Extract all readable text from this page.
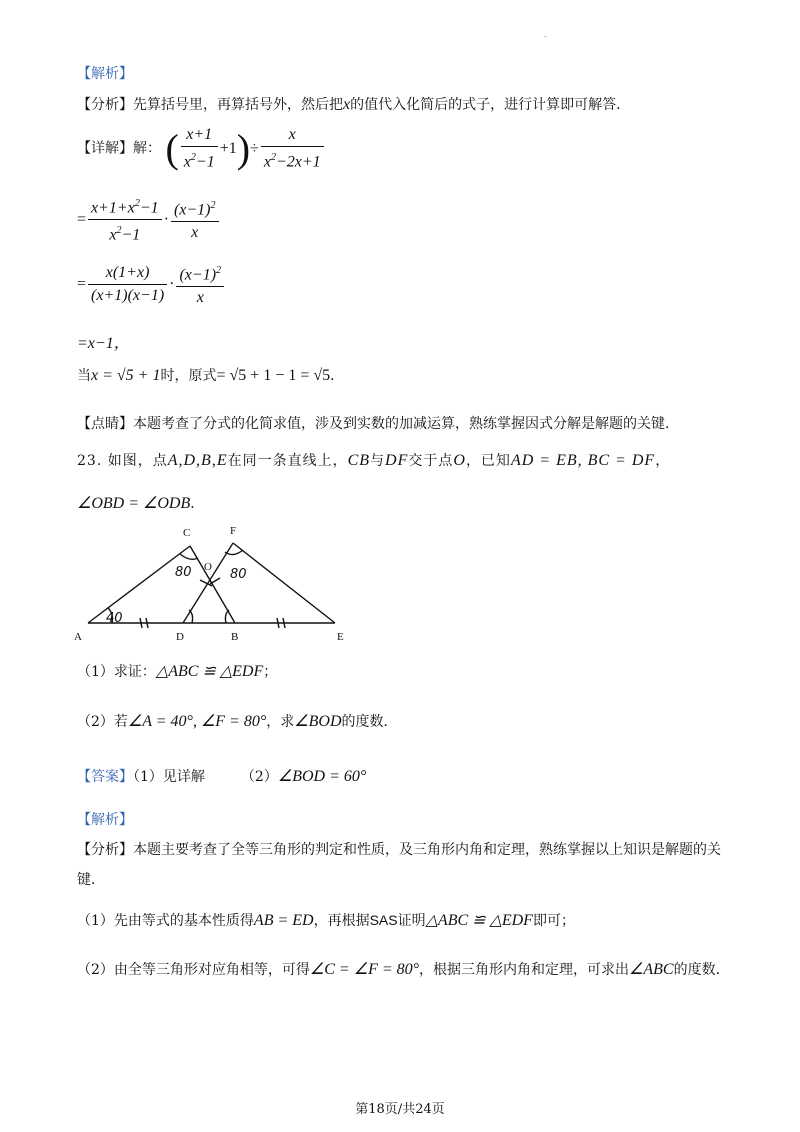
.
【解析】
【分析】先算括号里，再算括号外，然后把x的值代入化简后的式子，进行计算即可解答．
【详解】解： ( $\frac{x+1}{x^2-1} +1)\div \frac{x}{x^2-2x+1}$
= $\frac{x+1+x^2-1}{x^2-1} \cdot \frac{(x-1)^2}{x}$
= $\frac{x(1+x)}{(x+1)(x-1)} \cdot \frac{(x-1)^2}{x}$
=x−1，
当x = √5 + 1时，原式= √5 + 1 − 1 = √5．
【点睛】本题考查了分式的化简求值，涉及到实数的加减运算，熟练掌握因式分解是解题的关键．
23. 如图，点A,D,B,E在同一条直线上，CB与DF交于点O，已知AD = EB, BC = DF，
∠OBD = ∠ODB．
C	F
O
A	D	B	E
80	80
40
（1）求证：△ABC ≌ △EDF；
（2）若∠A = 40°, ∠F = 80°，求∠BOD的度数．
【答案】（1）见详解	（2）∠BOD = 60°
【解析】
【分析】本题主要考查了全等三角形的判定和性质，及三角形内角和定理，熟练掌握以上知识是解题的关
键．
（1）先由等式的基本性质得AB = ED，再根据SAS证明△ABC ≌ △EDF即可；
（2）由全等三角形对应角相等，可得∠C = ∠F = 80°，根据三角形内角和定理，可求出∠ABC的度数．
第18页/共24页
